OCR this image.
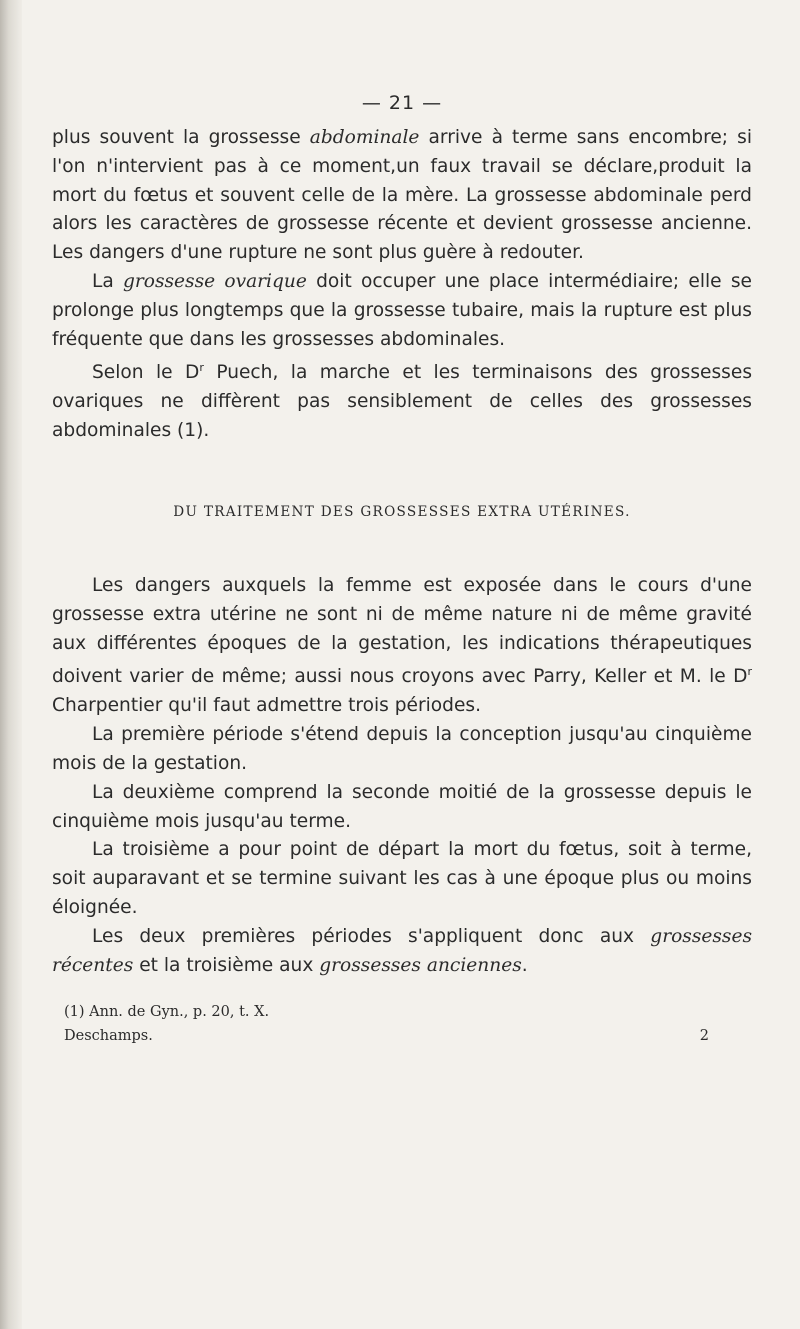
— 21 —

plus souvent la grossesse abdominale arrive à terme sans encombre; si l'on n'intervient pas à ce moment,un faux travail se déclare,produit la mort du fœtus et souvent celle de la mère. La grossesse abdominale perd alors les caractères de grossesse récente et devient grossesse ancienne. Les dangers d'une rupture ne sont plus guère à redouter.

La grossesse ovarique doit occuper une place intermédiaire; elle se prolonge plus longtemps que la grossesse tubaire, mais la rupture est plus fréquente que dans les grossesses abdominales.

Selon le $D^r$ Puech, la marche et les terminaisons des grossesses ovariques ne diffèrent pas sensiblement de celles des grossesses abdominales (1).

DU TRAITEMENT DES GROSSESSES EXTRA UTÉRINES.

Les dangers auxquels la femme est exposée dans le cours d'une grossesse extra utérine ne sont ni de même nature ni de même gravité aux différentes époques de la gestation, les indications thérapeutiques doivent varier de même; aussi nous croyons avec Parry, Keller et M. le $D^r$ Charpentier qu'il faut admettre trois périodes.

La première période s'étend depuis la conception jusqu'au cinquième mois de la gestation.

La deuxième comprend la seconde moitié de la grossesse depuis le cinquième mois jusqu'au terme.

La troisième a pour point de départ la mort du fœtus, soit à terme, soit auparavant et se termine suivant les cas à une époque plus ou moins éloignée.

Les deux premières périodes s'appliquent donc aux grossesses récentes et la troisième aux grossesses anciennes.

(1) Ann. de Gyn., p. 20, t. X.
Deschamps.	2
